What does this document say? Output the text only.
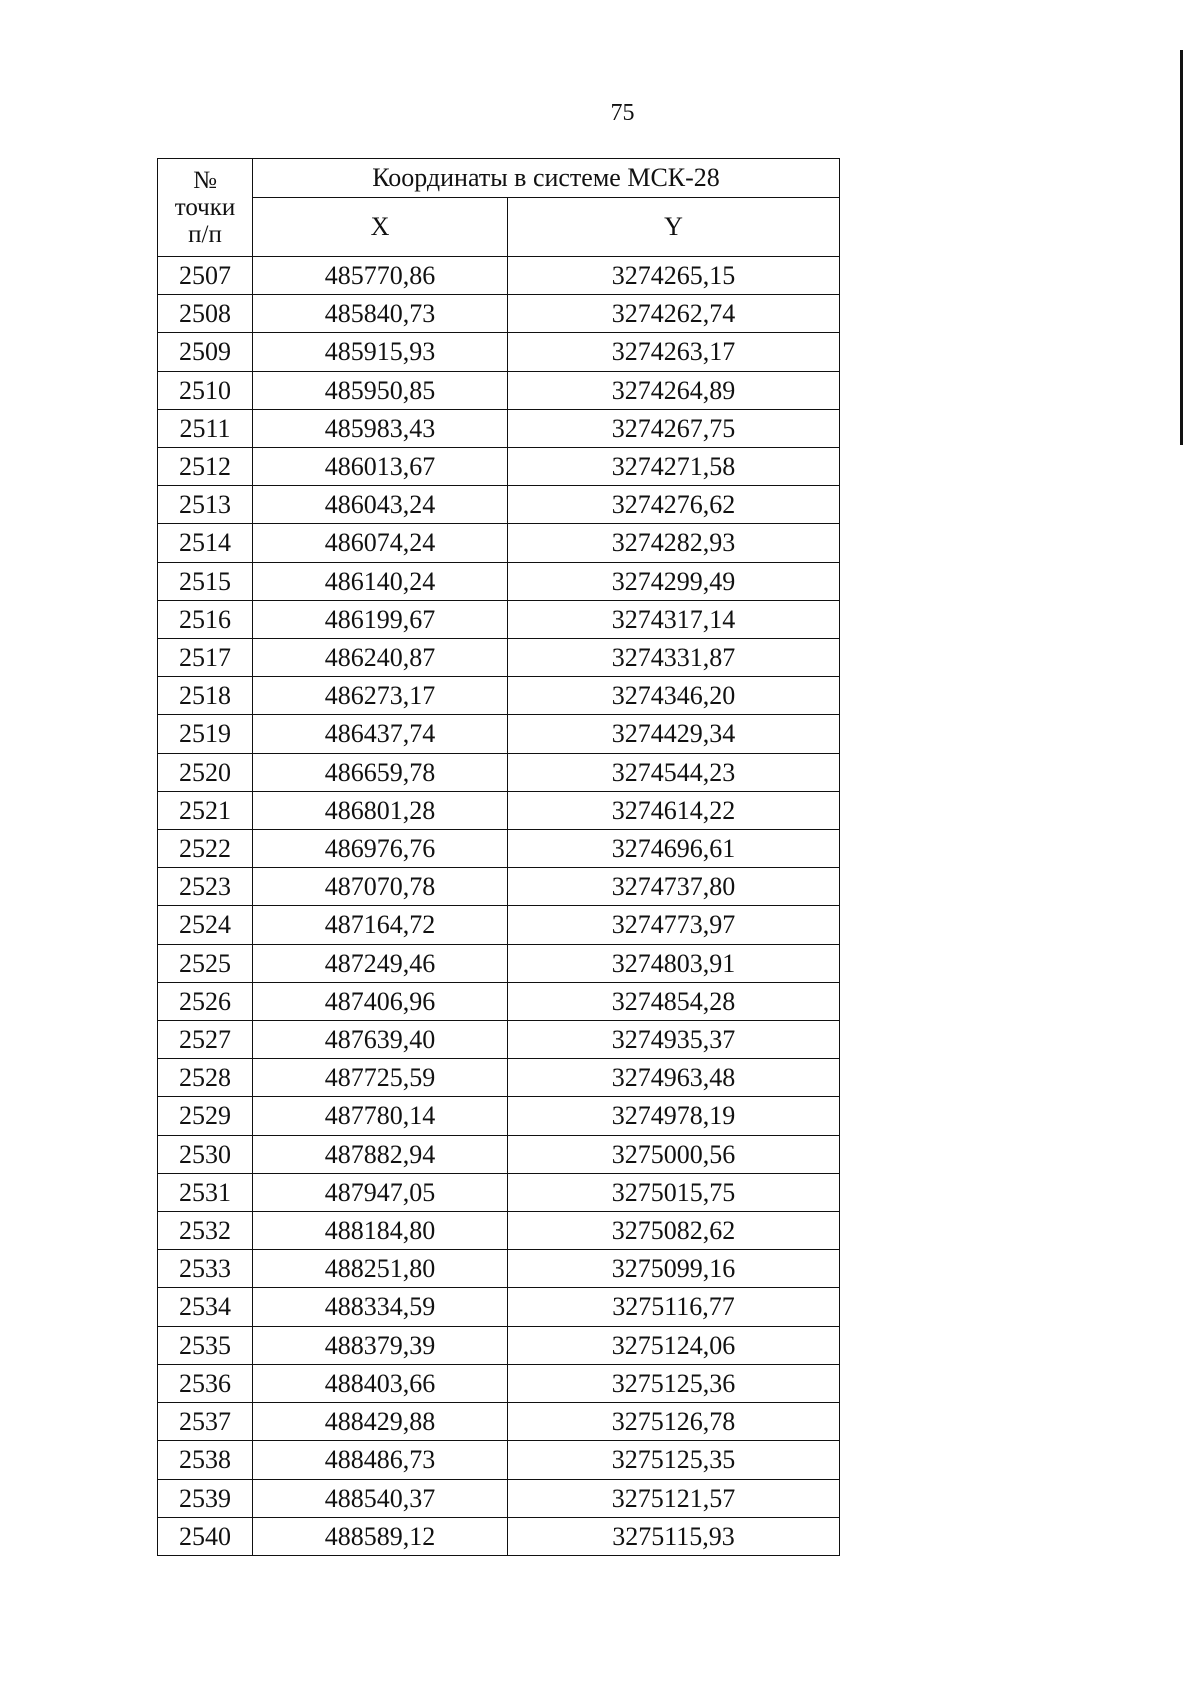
75
№
точки
п/п	Координаты в системе МСК-28	
	X	Y
2507	485770,86	3274265,15
2508	485840,73	3274262,74
2509	485915,93	3274263,17
2510	485950,85	3274264,89
2511	485983,43	3274267,75
2512	486013,67	3274271,58
2513	486043,24	3274276,62
2514	486074,24	3274282,93
2515	486140,24	3274299,49
2516	486199,67	3274317,14
2517	486240,87	3274331,87
2518	486273,17	3274346,20
2519	486437,74	3274429,34
2520	486659,78	3274544,23
2521	486801,28	3274614,22
2522	486976,76	3274696,61
2523	487070,78	3274737,80
2524	487164,72	3274773,97
2525	487249,46	3274803,91
2526	487406,96	3274854,28
2527	487639,40	3274935,37
2528	487725,59	3274963,48
2529	487780,14	3274978,19
2530	487882,94	3275000,56
2531	487947,05	3275015,75
2532	488184,80	3275082,62
2533	488251,80	3275099,16
2534	488334,59	3275116,77
2535	488379,39	3275124,06
2536	488403,66	3275125,36
2537	488429,88	3275126,78
2538	488486,73	3275125,35
2539	488540,37	3275121,57
2540	488589,12	3275115,93
